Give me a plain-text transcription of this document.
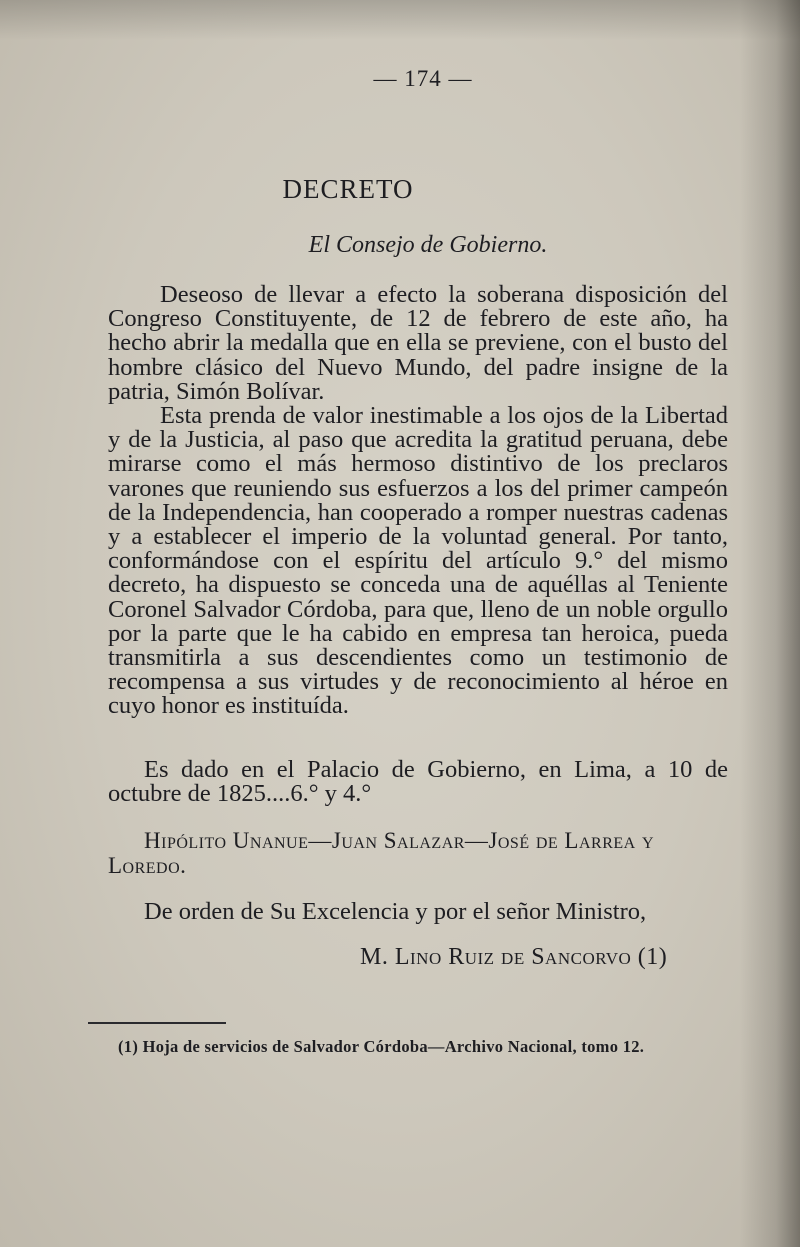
— 174 —
DECRETO
El Consejo de Gobierno.

Deseoso de llevar a efecto la soberana disposición del Congreso Constituyente, de 12 de febrero de este año, ha hecho abrir la medalla que en ella se previene, con el busto del hombre clásico del Nuevo Mundo, del padre insigne de la patria, Simón Bolívar.

Esta prenda de valor inestimable a los ojos de la Libertad y de la Justicia, al paso que acredita la gratitud peruana, debe mirarse como el más hermoso distintivo de los preclaros varones que reuniendo sus esfuerzos a los del primer campeón de la Independencia, han cooperado a romper nuestras cadenas y a establecer el imperio de la voluntad general. Por tanto, conformándose con el espíritu del artículo 9.° del mismo decreto, ha dispuesto se conceda una de aquéllas al Teniente Coronel Salvador Córdoba, para que, lleno de un noble orgullo por la parte que le ha cabido en empresa tan heroica, pueda transmitirla a sus descendientes como un testimonio de recompensa a sus virtudes y de reconocimiento al héroe en cuyo honor es instituída.

Es dado en el Palacio de Gobierno, en Lima, a 10 de octubre de 1825....6.° y 4.°
Hipólito Unanue—Juan Salazar—José de Larrea y Loredo.
De orden de Su Excelencia y por el señor Ministro,
M. Lino Ruiz de Sancorvo (1)
(1) Hoja de servicios de Salvador Córdoba—Archivo Nacional, tomo 12.
